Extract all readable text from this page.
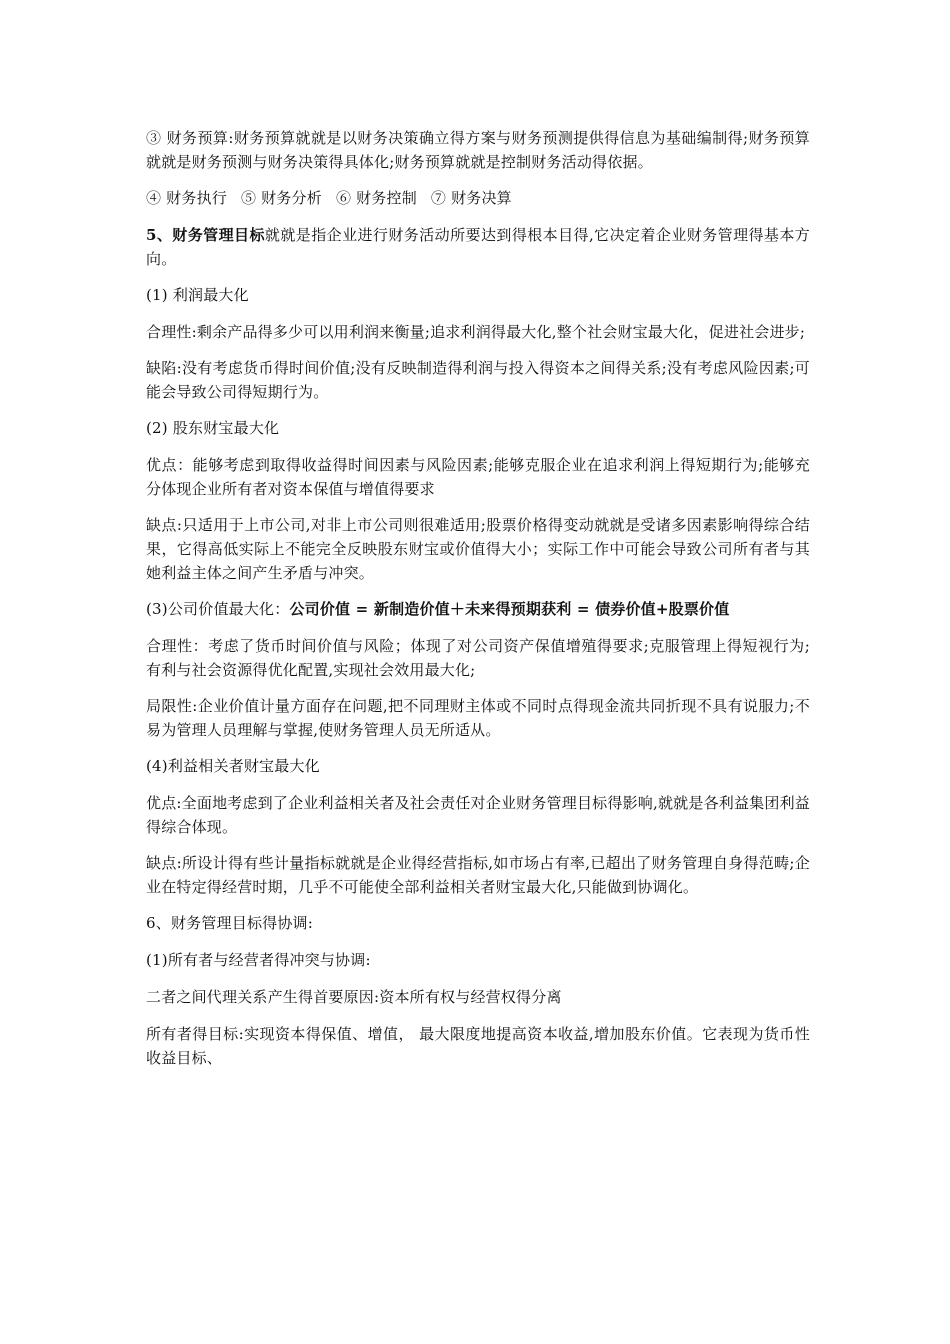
③ 财务预算:财务预算就就是以财务决策确立得方案与财务预测提供得信息为基础编制得;财务预算就就是财务预测与财务决策得具体化;财务预算就就是控制财务活动得依据。

④ 财务执行 ⑤ 财务分析 ⑥ 财务控制 ⑦ 财务决算

5、财务管理目标就就是指企业进行财务活动所要达到得根本目得,它决定着企业财务管理得基本方向。

(1) 利润最大化

合理性:剩余产品得多少可以用利润来衡量;追求利润得最大化,整个社会财宝最大化，促进社会进步;

缺陷:没有考虑货币得时间价值;没有反映制造得利润与投入得资本之间得关系;没有考虑风险因素;可能会导致公司得短期行为。

(2) 股东财宝最大化

优点：能够考虑到取得收益得时间因素与风险因素;能够克服企业在追求利润上得短期行为;能够充分体现企业所有者对资本保值与增值得要求

缺点:只适用于上市公司,对非上市公司则很难适用;股票价格得变动就就是受诸多因素影响得综合结果，它得高低实际上不能完全反映股东财宝或价值得大小；实际工作中可能会导致公司所有者与其她利益主体之间产生矛盾与冲突。

(3)公司价值最大化：公司价值 = 新制造价值＋未来得预期获利 = 债券价值+股票价值

合理性：考虑了货币时间价值与风险；体现了对公司资产保值增殖得要求;克服管理上得短视行为;有利与社会资源得优化配置,实现社会效用最大化;

局限性:企业价值计量方面存在问题,把不同理财主体或不同时点得现金流共同折现不具有说服力;不易为管理人员理解与掌握,使财务管理人员无所适从。

(4)利益相关者财宝最大化

优点:全面地考虑到了企业利益相关者及社会责任对企业财务管理目标得影响,就就是各利益集团利益得综合体现。

缺点:所设计得有些计量指标就就是企业得经营指标,如市场占有率,已超出了财务管理自身得范畴;企业在特定得经营时期，几乎不可能使全部利益相关者财宝最大化,只能做到协调化。

6、财务管理目标得协调:

(1)所有者与经营者得冲突与协调:

二者之间代理关系产生得首要原因:资本所有权与经营权得分离

所有者得目标:实现资本得保值、增值， 最大限度地提高资本收益,增加股东价值。它表现为货币性收益目标、
